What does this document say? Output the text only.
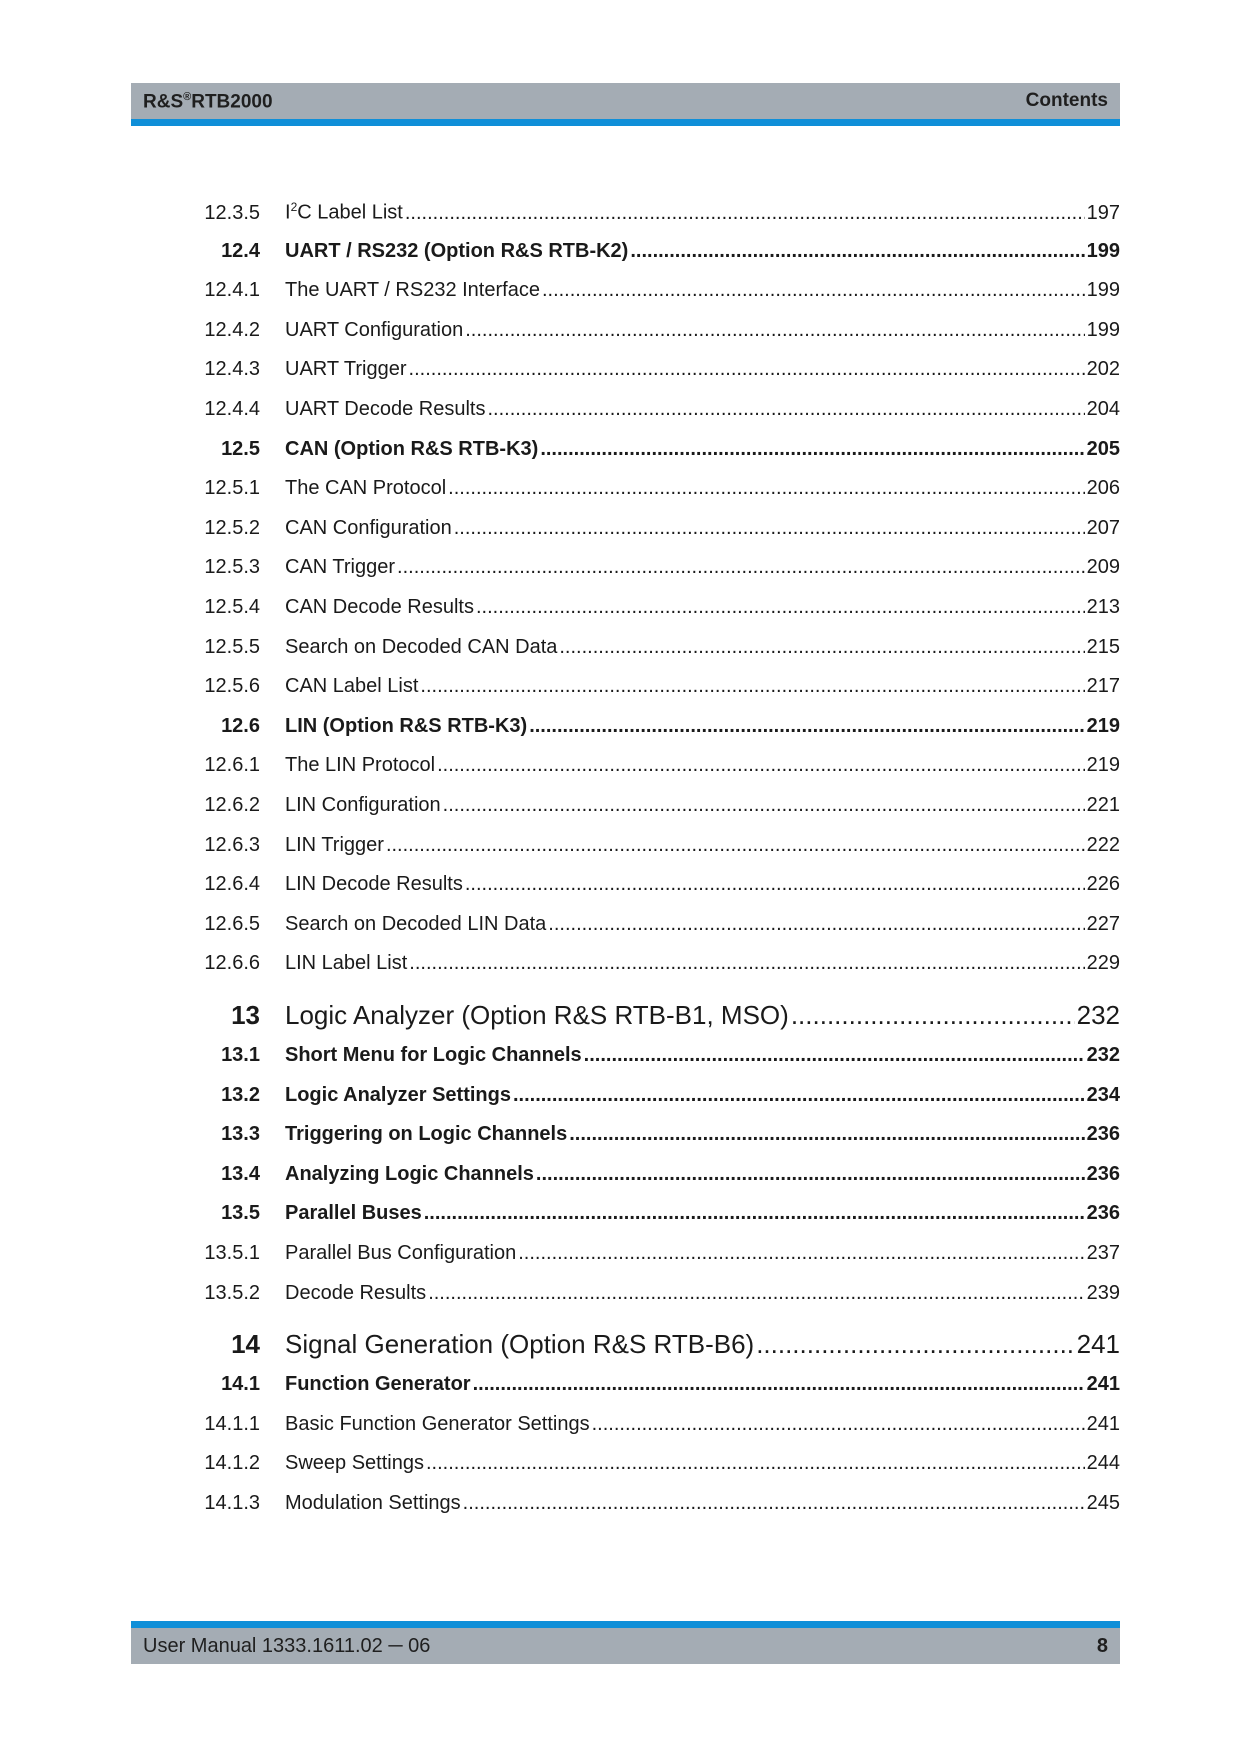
R&S®RTB2000	Contents
12.3.5	$I^2C$ Label List .....	197
12.4	UART / RS232 (Option R&S RTB-K2) .....	199
12.4.1	The UART / RS232 Interface .....	199
12.4.2	UART Configuration .....	199
12.4.3	UART Trigger .....	202
12.4.4	UART Decode Results .....	204
12.5	CAN (Option R&S RTB-K3) .....	205
12.5.1	The CAN Protocol .....	206
12.5.2	CAN Configuration .....	207
12.5.3	CAN Trigger .....	209
12.5.4	CAN Decode Results .....	213
12.5.5	Search on Decoded CAN Data .....	215
12.5.6	CAN Label List .....	217
12.6	LIN (Option R&S RTB-K3) .....	219
12.6.1	The LIN Protocol .....	219
12.6.2	LIN Configuration .....	221
12.6.3	LIN Trigger .....	222
12.6.4	LIN Decode Results .....	226
12.6.5	Search on Decoded LIN Data .....	227
12.6.6	LIN Label List .....	229
13 Logic Analyzer (Option R&S RTB-B1, MSO) .....	232
13.1	Short Menu for Logic Channels .....	232
13.2	Logic Analyzer Settings .....	234
13.3	Triggering on Logic Channels .....	236
13.4	Analyzing Logic Channels .....	236
13.5	Parallel Buses .....	236
13.5.1	Parallel Bus Configuration .....	237
13.5.2	Decode Results .....	239
14 Signal Generation (Option R&S RTB-B6) .....	241
14.1	Function Generator .....	241
14.1.1	Basic Function Generator Settings .....	241
14.1.2	Sweep Settings .....	244
14.1.3	Modulation Settings .....	245
User Manual 1333.1611.02 ─ 06	8
